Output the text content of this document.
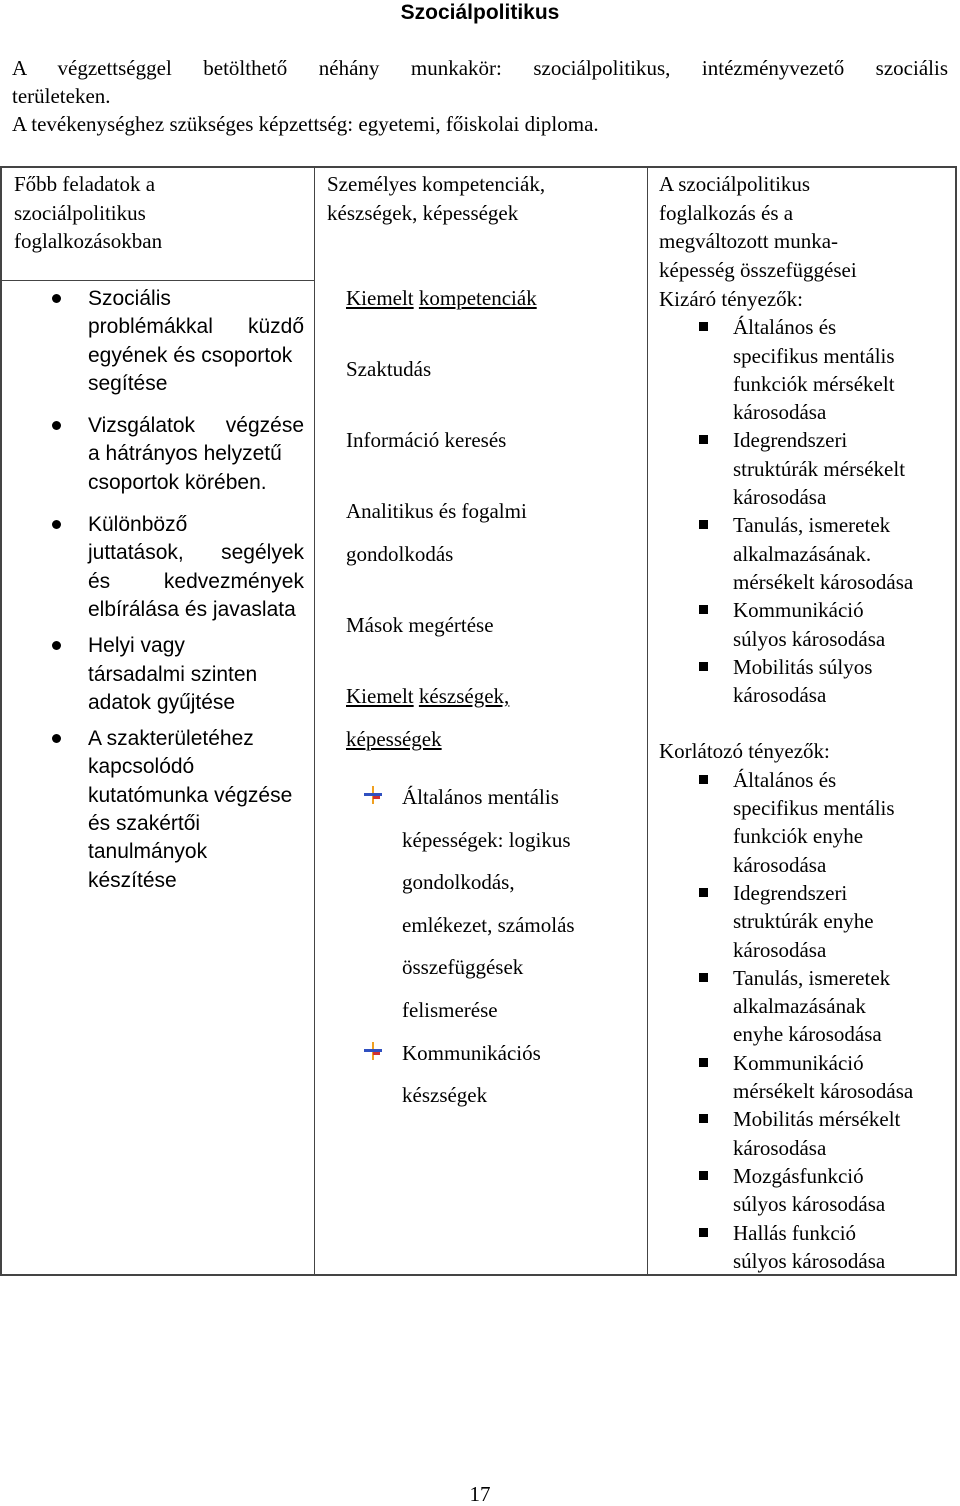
Szociálpolitikus

A végzettséggel betölthető néhány munkakör: szociálpolitikus, intézményvezető szociális

területeken.

A tevékenységhez szükséges képzettség: egyetemi, főiskolai diploma.

Főbb feladatok a
szociálpolitikus
foglalkozásokban
Személyes kompetenciák,
készségek, képességek
A szociálpolitikus
foglalkozás és a
megváltozott munka-
képesség összefüggései
Szociális
problémákkal küzdő
egyének és csoportok
segítése
Vizsgálatok végzése
a hátrányos helyzetű
csoportok körében.
Különböző
juttatások, segélyek
és kedvezmények
elbírálása és javaslata
Helyi vagy
társadalmi szinten
adatok gyűjtése
A szakterületéhez
kapcsolódó
kutatómunka végzése
és szakértői
tanulmányok
készítése
Kiemelt kompetenciák
Szaktudás
Információ keresés
Analitikus és fogalmi
gondolkodás
Mások megértése
Kiemelt készségek,
képességek
Általános mentális
képességek: logikus
gondolkodás,
emlékezet, számolás
összefüggések
felismerése
Kommunikációs
készségek
Kizáró tényezők:
Általános és
specifikus mentális
funkciók mérsékelt
károsodása
Idegrendszeri
struktúrák mérsékelt
károsodása
Tanulás, ismeretek
alkalmazásának.
mérsékelt károsodása
Kommunikáció
súlyos károsodása
Mobilitás súlyos
károsodása
Korlátozó tényezők:
Általános és
specifikus mentális
funkciók enyhe
károsodása
Idegrendszeri
struktúrák enyhe
károsodása
Tanulás, ismeretek
alkalmazásának
enyhe károsodása
Kommunikáció
mérsékelt károsodása
Mobilitás mérsékelt
károsodása
Mozgásfunkció
súlyos károsodása
Hallás funkció
súlyos károsodása
17
